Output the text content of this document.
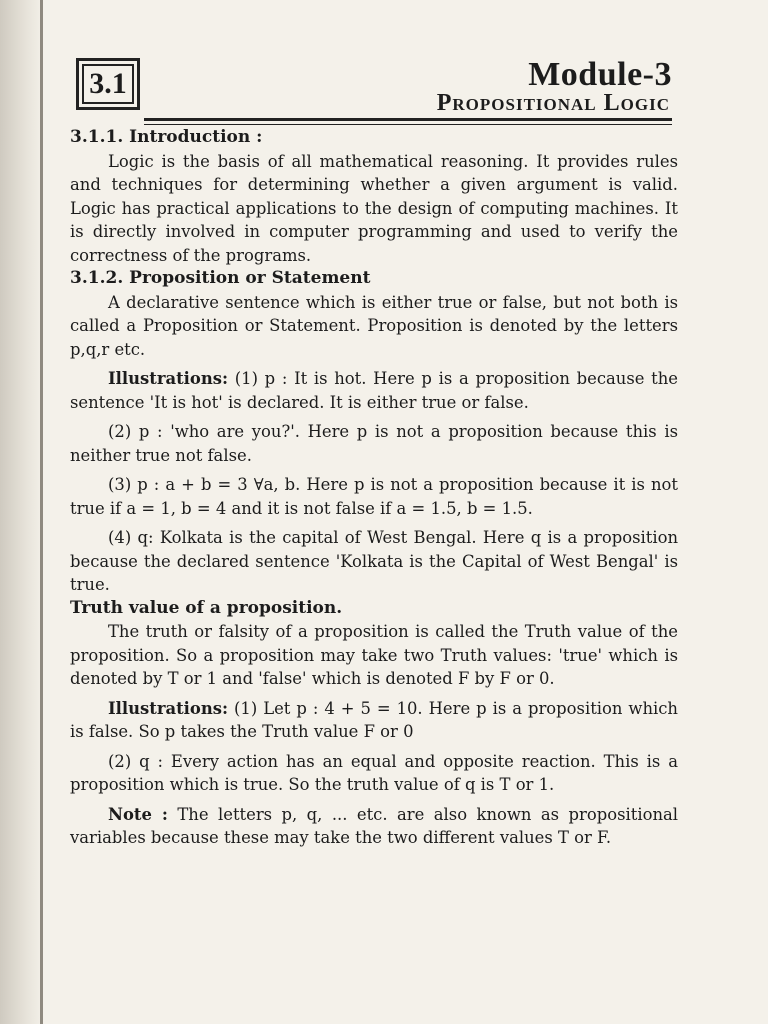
3.1	Module-3
Propositional Logic

3.1.1. Introduction :

Logic is the basis of all mathematical reasoning. It provides rules and techniques for determining whether a given argument is valid. Logic has practical applications to the design of computing machines. It is directly involved in computer programming and used to verify the correctness of the programs.

3.1.2. Proposition or Statement

A declarative sentence which is either true or false, but not both is called a Proposition or Statement. Proposition is denoted by the letters p,q,r etc.

Illustrations: (1) p : It is hot. Here p is a proposition because the sentence 'It is hot' is declared. It is either true or false.

(2) p : 'who are you?'. Here p is not a proposition because this is neither true not false.

(3) p : a + b = 3 ∀a, b. Here p is not a proposition because it is not true if a = 1, b = 4 and it is not false if a = 1.5, b = 1.5.

(4) q: Kolkata is the capital of West Bengal. Here q is a proposition because the declared sentence 'Kolkata is the Capital of West Bengal' is true.

Truth value of a proposition.

The truth or falsity of a proposition is called the Truth value of the proposition. So a proposition may take two Truth values: 'true' which is denoted by T or 1 and 'false' which is denoted F by F or 0.

Illustrations: (1) Let p : 4 + 5 = 10. Here p is a proposition which is false. So p takes the Truth value F or 0

(2) q : Every action has an equal and opposite reaction. This is a proposition which is true. So the truth value of q is T or 1.

Note : The letters p, q, ... etc. are also known as propositional variables because these may take the two different values T or F.
